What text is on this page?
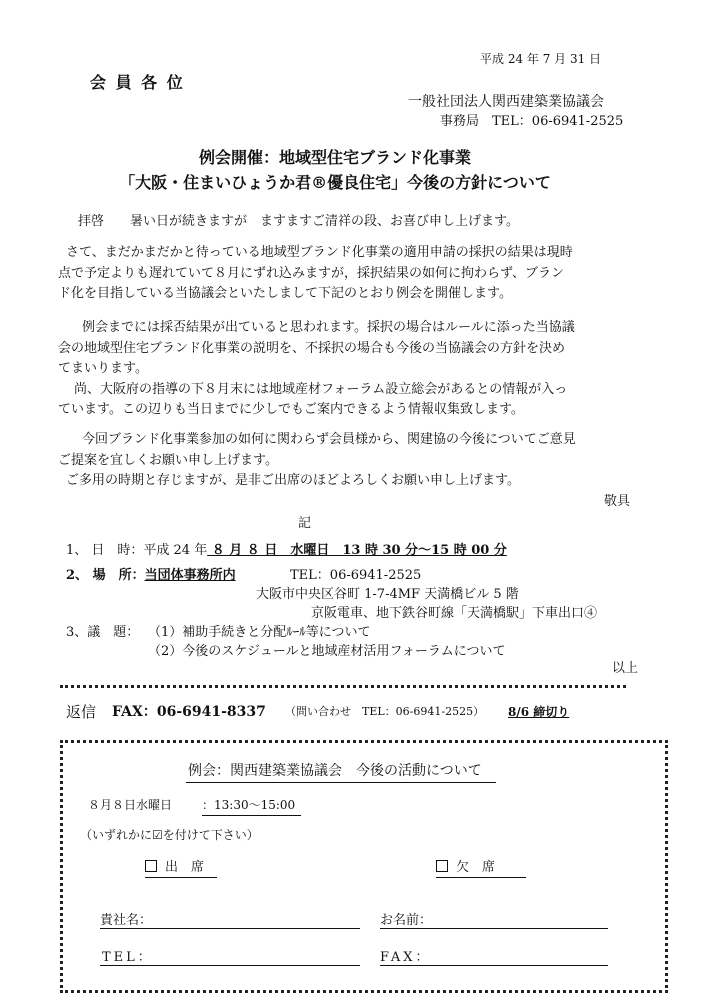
平成 24 年 7 月 31 日
会 員 各 位
一般社団法人関西建築業協議会
事務局　TEL：06-6941-2525
例会開催：地域型住宅ブランド化事業
「大阪・住まいひょうか君®優良住宅」今後の方針について
拝啓　　暑い日が続きますが　ますますご清祥の段、お喜び申し上げます。
さて、まだかまだかと待っている地域型ブランド化事業の適用申請の採択の結果は現時
点で予定よりも遅れていて８月にずれ込みますが，採択結果の如何に拘わらず、ブラン
ド化を目指している当協議会といたしまして下記のとおり例会を開催します。
例会までには採否結果が出ていると思われます。採択の場合はルールに添った当協議
会の地域型住宅ブランド化事業の説明を、不採択の場合も今後の当協議会の方針を決め
てまいります。
尚、大阪府の指導の下８月末には地域産材フォーラム設立総会があるとの情報が入っ
ています。この辺りも当日までに少しでもご案内できるよう情報収集致します。
今回ブランド化事業参加の如何に関わらず会員様から、関建協の今後についてご意見
ご提案を宜しくお願い申し上げます。
ご多用の時期と存じますが、是非ご出席のほどよろしくお願い申し上げます。
敬具
記
1、 日　時：平成 24 年 ８ 月 ８ 日　水曜日　13 時 30 分～15 時 00 分
2、 場　所：当団体事務所内	TEL：06-6941-2525
大阪市中央区谷町 1-7-4MF 天満橋ビル 5 階
京阪電車、地下鉄谷町線「天満橋駅」下車出口④
3、議　題： （1）補助手続きと分配ﾙｰﾙ等について
（2）今後のスケジュールと地域産材活用フォーラムについて
以上
返信 FAX：06-6941-8337 （問い合わせ　TEL：06-6941-2525） 8/6 締切り
例会：関西建築業協議会　今後の活動について
８月８日水曜日 ：13:30～15:00
（いずれかに☑を付けて下さい）
出　席	欠　席
貴社名：	お名前：
TEL：	FAX：
